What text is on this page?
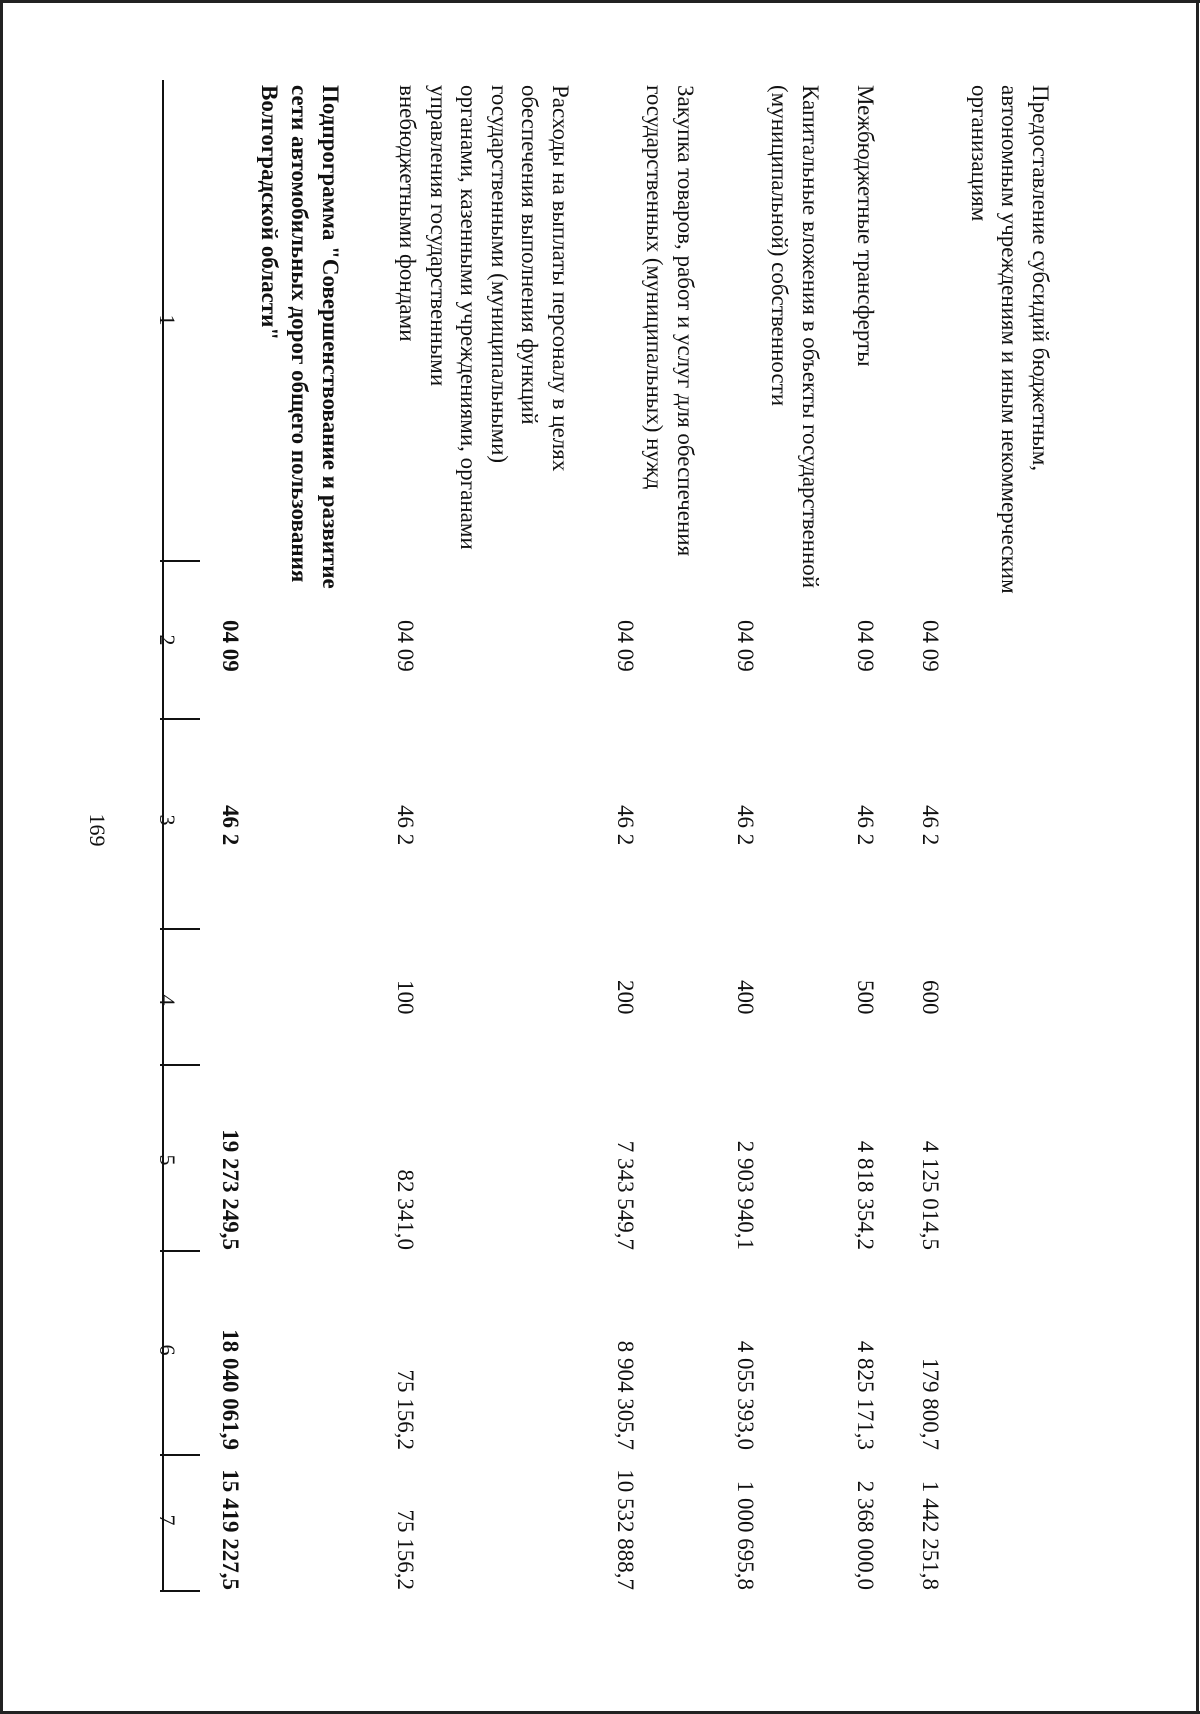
169
1
2
3
4
5
6
7
Подпрограмма "Совершенствование и развитие сети автомобильных дорог общего пользования Волгоградской области"
04 09
46 2
19 273 249,5
18 040 061,9
15 419 227,5
Расходы на выплаты персоналу в целях обеспечения выполнения функций государственными (муниципальными) органами, казенными учреждениями, органами управления государственными внебюджетными фондами
04 09
46 2
100
82 341,0
75 156,2
75 156,2
Закупка товаров, работ и услуг для обеспечения государственных (муниципальных) нужд
04 09
46 2
200
7 343 549,7
8 904 305,7
10 532 888,7
Капитальные вложения в объекты государственной (муниципальной) собственности
04 09
46 2
400
2 903 940,1
4 055 393,0
1 000 695,8
Межбюджетные трансферты
04 09
46 2
500
4 818 354,2
4 825 171,3
2 368 000,0
Предоставление субсидий бюджетным, автономным учреждениям и иным некоммерческим организациям
04 09
46 2
600
4 125 014,5
179 800,7
1 442 251,8
